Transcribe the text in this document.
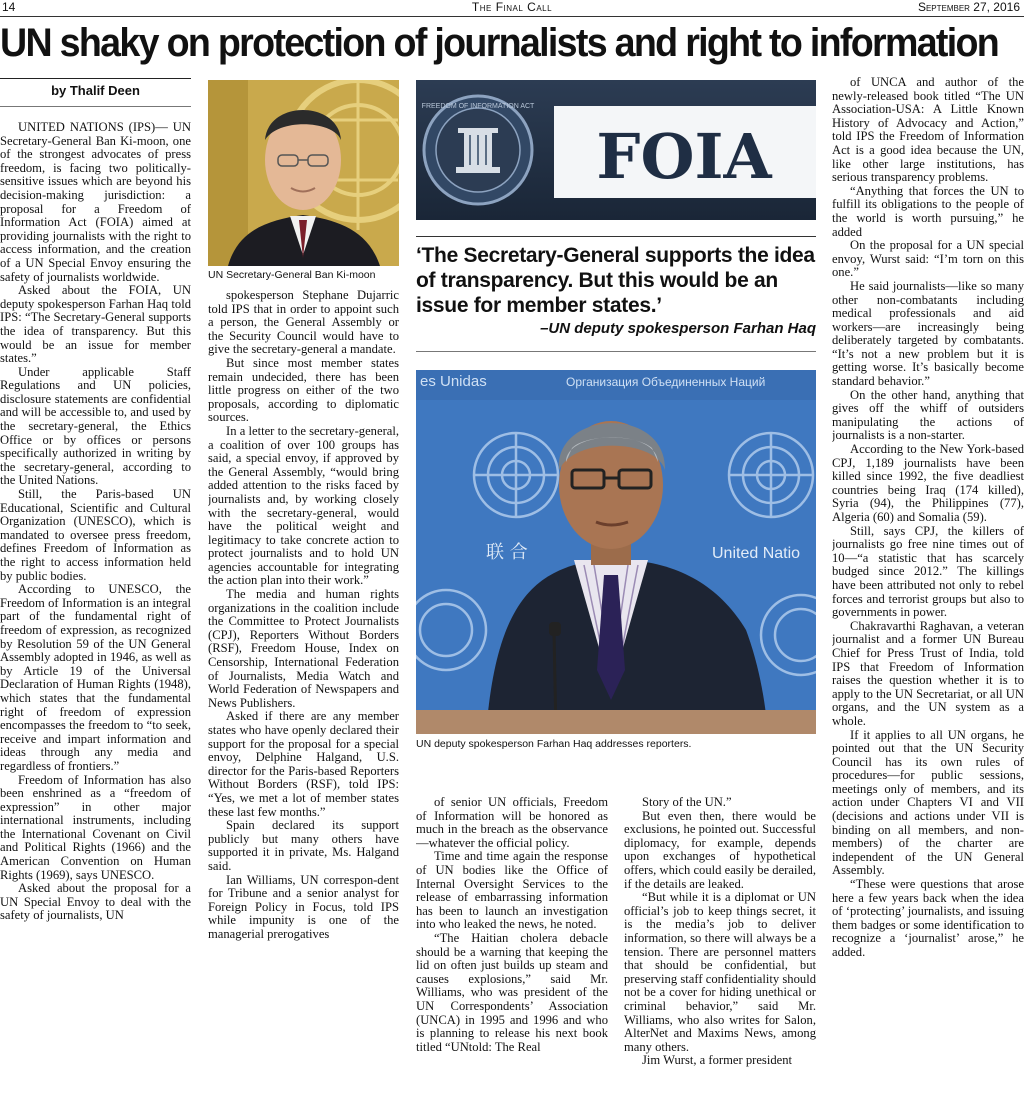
14	The Final Call	September 27, 2016
UN shaky on protection of journalists and right to information
by Thalif Deen

UNITED NATIONS (IPS)— UN Secretary-General Ban Ki-moon, one of the strongest advocates of press freedom, is facing two politically-sensitive issues which are beyond his decision-making jurisdiction: a proposal for a Freedom of Information Act (FOIA) aimed at providing journalists with the right to access information, and the creation of a UN Special Envoy ensuring the safety of journalists worldwide.

Asked about the FOIA, UN deputy spokesperson Farhan Haq told IPS: “The Secretary-General supports the idea of transparency. But this would be an issue for member states.”

Under applicable Staff Regulations and UN policies, disclosure statements are confidential and will be accessible to, and used by the secretary-general, the Ethics Office or by offices or persons specifically authorized in writing by the secretary-general, according to the United Nations.

Still, the Paris-based UN Educational, Scientific and Cultural Organization (UNESCO), which is mandated to oversee press freedom, defines Freedom of Information as the right to access information held by public bodies.

According to UNESCO, the Freedom of Information is an integral part of the fundamental right of freedom of expression, as recognized by Resolution 59 of the UN General Assembly adopted in 1946, as well as by Article 19 of the Universal Declaration of Human Rights (1948), which states that the fundamental right of freedom of expression encompasses the freedom to “to seek, receive and impart information and ideas through any media and regardless of frontiers.”

Freedom of Information has also been enshrined as a “freedom of expression” in other major international instruments, including the International Covenant on Civil and Political Rights (1966) and the American Convention on Human Rights (1969), says UNESCO.

Asked about the proposal for a UN Special Envoy to deal with the safety of journalists, UN

UN Secretary-General Ban Ki-moon

spokesperson Stephane Dujarric told IPS that in order to appoint such a person, the General Assembly or the Security Council would have to give the secretary-general a mandate.

But since most member states remain undecided, there has been little progress on either of the two proposals, according to diplomatic sources.

In a letter to the secretary-general, a coalition of over 100 groups has said, a special envoy, if approved by the General Assembly, “would bring added attention to the risks faced by journalists and, by working closely with the secretary-general, would have the political weight and legitimacy to take concrete action to protect journalists and to hold UN agencies accountable for integrating the action plan into their work.”

The media and human rights organizations in the coalition include the Committee to Protect Journalists (CPJ), Reporters Without Borders (RSF), Freedom House, Index on Censorship, International Federation of Journalists, Media Watch and World Federation of Newspapers and News Publishers.

Asked if there are any member states who have openly declared their support for the proposal for a special envoy, Delphine Halgand, U.S. director for the Paris-based Reporters Without Borders (RSF), told IPS: “Yes, we met a lot of member states these last few months.”

Spain declared its support publicly but many others have supported it in private, Ms. Halgand said.

Ian Williams, UN correspon-dent for Tribune and a senior analyst for Foreign Policy in Focus, told IPS while impunity is one of the managerial prerogatives

FREEDOM OF INFORMATION ACT
FOIA
‘The Secretary-General supports the idea of transparency. But this would be an issue for member states.’
–UN deputy spokesperson Farhan Haq
es Unidas	Организация Объединенных Наций
United Natio
联 合
UN deputy spokesperson Farhan Haq addresses reporters.

of senior UN officials, Freedom of Information will be honored as much in the breach as the observance—whatever the official policy.

Time and time again the response of UN bodies like the Office of Internal Oversight Services to the release of embarrassing information has been to launch an investigation into who leaked the news, he noted.

“The Haitian cholera debacle should be a warning that keeping the lid on often just builds up steam and causes explosions,” said Mr. Williams, who was president of the UN Correspondents’ Association (UNCA) in 1995 and 1996 and who is planning to release his next book titled “UNtold: The Real

Story of the UN.”

But even then, there would be exclusions, he pointed out. Successful diplomacy, for example, depends upon exchanges of hypothetical offers, which could easily be derailed, if the details are leaked.

“But while it is a diplomat or UN official’s job to keep things secret, it is the media’s job to deliver information, so there will always be a tension. There are personnel matters that should be confidential, but preserving staff confidentiality should not be a cover for hiding unethical or criminal behavior,” said Mr. Williams, who also writes for Salon, AlterNet and Maxims News, among many others.

Jim Wurst, a former president

of UNCA and author of the newly-released book titled “The UN Association-USA: A Little Known History of Advocacy and Action,” told IPS the Freedom of Information Act is a good idea because the UN, like other large institutions, has serious transparency problems.

“Anything that forces the UN to fulfill its obligations to the people of the world is worth pursuing,” he added

On the proposal for a UN special envoy, Wurst said: “I’m torn on this one.”

He said journalists—like so many other non-combatants including medical professionals and aid workers—are increasingly being deliberately targeted by combatants. “It’s not a new problem but it is getting worse. It’s basically become standard behavior.”

On the other hand, anything that gives off the whiff of outsiders manipulating the actions of journalists is a non-starter.

According to the New York-based CPJ, 1,189 journalists have been killed since 1992, the five deadliest countries being Iraq (174 killed), Syria (94), the Philippines (77), Algeria (60) and Somalia (59).

Still, says CPJ, the killers of journalists go free nine times out of 10—“a statistic that has scarcely budged since 2012.” The killings have been attributed not only to rebel forces and terrorist groups but also to governments in power.

Chakravarthi Raghavan, a veteran journalist and a former UN Bureau Chief for Press Trust of India, told IPS that Freedom of Information raises the question whether it is to apply to the UN Secretariat, or all UN organs, and the UN system as a whole.

If it applies to all UN organs, he pointed out that the UN Security Council has its own rules of procedures—for public sessions, meetings only of members, and its action under Chapters VI and VII (decisions and actions under VII is binding on all members, and non-members) of the charter are independent of the UN General Assembly.

“These were questions that arose here a few years back when the idea of ‘protecting’ journalists, and issuing them badges or some identification to recognize a ‘journalist’ arose,” he added.
